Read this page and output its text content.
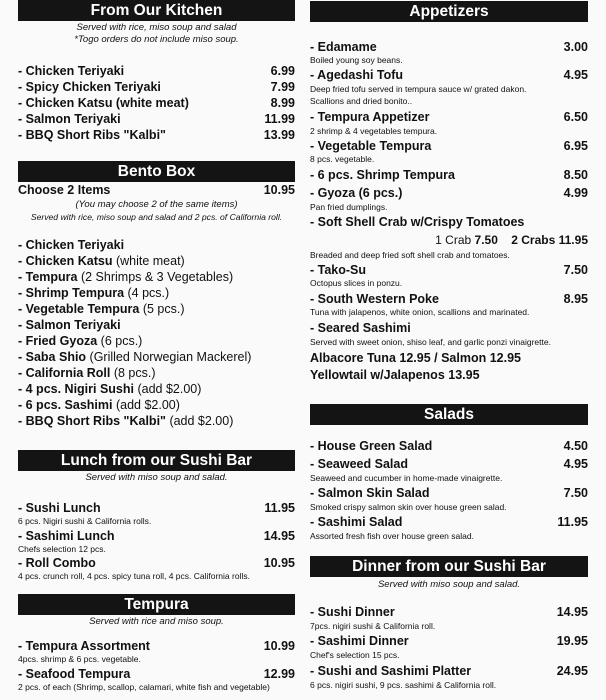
From Our Kitchen
Served with rice, miso soup and salad
*Togo orders do not include miso soup.
- Chicken Teriyaki	6.99
- Spicy Chicken Teriyaki	7.99
- Chicken Katsu (white meat)	8.99
- Salmon Teriyaki	11.99
- BBQ Short Ribs "Kalbi"	13.99
Bento Box
Choose 2 Items	10.95
(You may choose 2 of the same items)
Served with rice, miso soup and salad and 2 pcs. of California roll.
- Chicken Teriyaki
- Chicken Katsu (white meat)
- Tempura (2 Shrimps & 3 Vegetables)
- Shrimp Tempura (4 pcs.)
- Vegetable Tempura (5 pcs.)
- Salmon Teriyaki
- Fried Gyoza (6 pcs.)
- Saba Shio (Grilled Norwegian Mackerel)
- California Roll (8 pcs.)
- 4 pcs. Nigiri Sushi (add $2.00)
- 6 pcs. Sashimi (add $2.00)
- BBQ Short Ribs "Kalbi" (add $2.00)
Lunch from our Sushi Bar
Served with miso soup and salad.
- Sushi Lunch	11.95
6 pcs. Nigiri sushi & California rolls.
- Sashimi Lunch	14.95
Chefs selection 12 pcs.
- Roll Combo	10.95
4 pcs. crunch roll, 4 pcs. spicy tuna roll, 4 pcs. California rolls.
Tempura
Served with rice and miso soup.
- Tempura Assortment	10.99
4pcs. shrimp & 6 pcs. vegetable.
- Seafood Tempura	12.99
2 pcs. of each (Shrimp, scallop, calamari, white fish and vegetable)
Appetizers
- Edamame	3.00
Boiled young soy beans.
- Agedashi Tofu	4.95
Deep fried tofu served in tempura sauce w/ grated dakon.
Scallions and dried bonito..
- Tempura Appetizer	6.50
2 shrimp & 4 vegetables tempura.
- Vegetable Tempura	6.95
8 pcs. vegetable.
- 6 pcs. Shrimp Tempura	8.50
- Gyoza (6 pcs.)	4.99
Pan fried dumplings.
- Soft Shell Crab w/Crispy Tomatoes
1 Crab 7.50 2 Crabs 11.95
Breaded and deep fried soft shell crab and tomatoes.
- Tako-Su	7.50
Octopus slices in ponzu.
- South Western Poke	8.95
Tuna with jalapenos, white onion, scallions and marinated.
- Seared Sashimi
Served with sweet onion, shiso leaf, and garlic ponzi vinaigrette.
Albacore Tuna 12.95 / Salmon 12.95
Yellowtail w/Jalapenos 13.95
Salads
- House Green Salad	4.50
- Seaweed Salad	4.95
Seaweed and cucumber in home-made vinaigrette.
- Salmon Skin Salad	7.50
Smoked crispy salmon skin over house green salad.
- Sashimi Salad	11.95
Assorted fresh fish over house green salad.
Dinner from our Sushi Bar
Served with miso soup and salad.
- Sushi Dinner	14.95
7pcs. nigiri sushi & California roll.
- Sashimi Dinner	19.95
Chef's selection 15 pcs.
- Sushi and Sashimi Platter	24.95
6 pcs. nigiri sushi, 9 pcs. sashimi & California roll.
